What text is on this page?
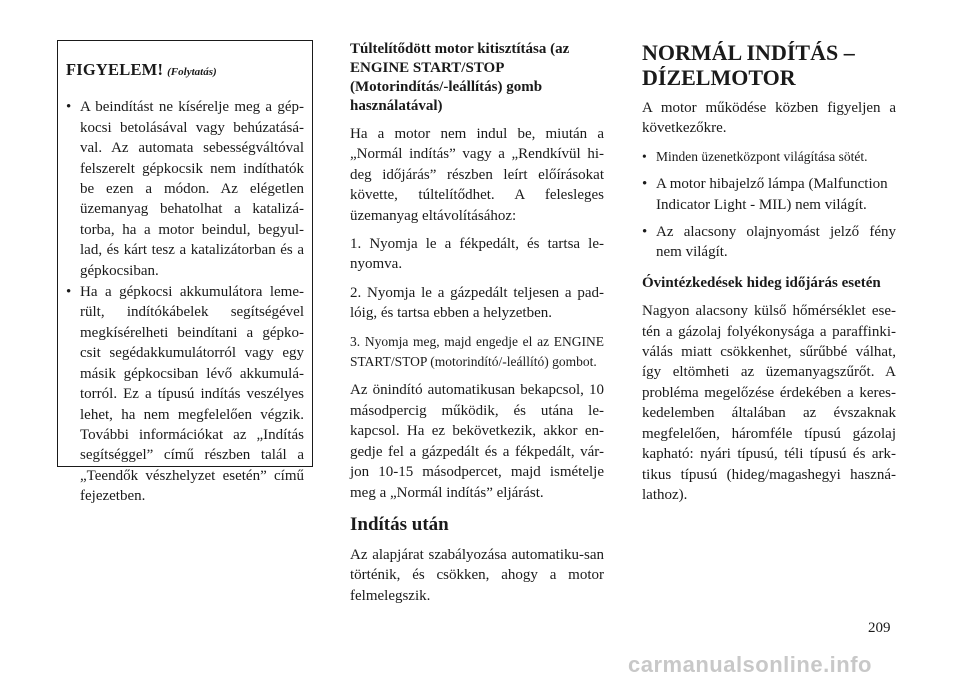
FIGYELEM! (Folytatás)

• A beindítást ne kísérelje meg a gép-kocsi betolásával vagy behúzatásá-val. Az automata sebességváltóval felszerelt gépkocsik nem indíthatók be ezen a módon. Az elégetlen üzemanyag behatolhat a katalizá-torba, ha a motor beindul, begyul-lad, és kárt tesz a katalizátorban és a gépkocsiban.
• Ha a gépkocsi akkumulátora leme-rült, indítókábelek segítségével megkísérelheti beindítani a gépko-csit segédakkumulátorról vagy egy másik gépkocsiban lévő akkumulá-torról. Ez a típusú indítás veszélyes lehet, ha nem megfelelően végzik. További információkat az „Indítás segítséggel” című részben talál a „Teendők vészhelyzet esetén” című fejezetben.

Túltelítődött motor kitisztítása (az ENGINE START/STOP (Motorindítás/-leállítás) gomb használatával)

Ha a motor nem indul be, miután a „Normál indítás” vagy a „Rendkívül hi-deg időjárás” részben leírt előírásokat követte, túltelítődhet. A felesleges üzemanyag eltávolításához:

1. Nyomja le a fékpedált, és tartsa le-nyomva.

2. Nyomja le a gázpedált teljesen a pad-lóig, és tartsa ebben a helyzetben.

3. Nyomja meg, majd engedje el az ENGINE START/STOP (motorindító/-leállító) gombot.

Az önindító automatikusan bekapcsol, 10 másodpercig működik, és utána le-kapcsol. Ha ez bekövetkezik, akkor en-gedje fel a gázpedált és a fékpedált, vár-jon 10-15 másodpercet, majd ismételje meg a „Normál indítás” eljárást.

Indítás után

Az alapjárat szabályozása automatiku-san történik, és csökken, ahogy a motor felmelegszik.

NORMÁL INDÍTÁS – DÍZELMOTOR

A motor működése közben figyeljen a következőkre.

• Minden üzenetközpont világítása sötét.
• A motor hibajelző lámpa (Malfunction Indicator Light - MIL) nem világít.
• Az alacsony olajnyomást jelző fény nem világít.

Óvintézkedések hideg időjárás esetén

Nagyon alacsony külső hőmérséklet ese-tén a gázolaj folyékonysága a paraffinki-válás miatt csökkenhet, sűrűbbé válhat, így eltömheti az üzemanyagszűrőt. A probléma megelőzése érdekében a keres-kedelemben általában az évszaknak megfelelően, háromféle típusú gázolaj kapható: nyári típusú, téli típusú és ark-tikus típusú (hideg/magashegyi haszná-lathoz).

209
carmanualsonline.info
